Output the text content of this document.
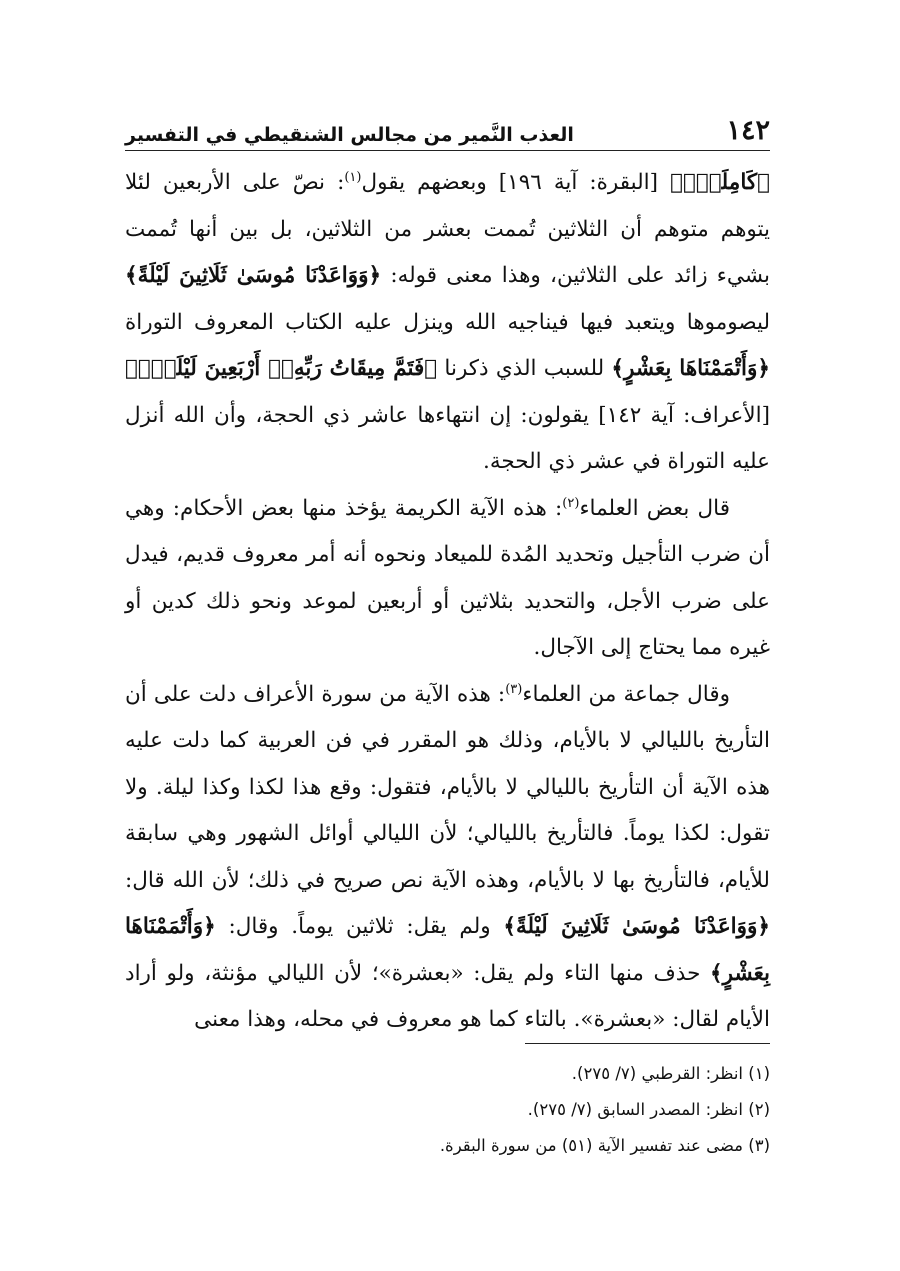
١٤٢
العذب النَّمير من مجالس الشنقيطي في التفسير

﴿كَامِلَةٌۗ﴾ [البقرة: آية ١٩٦] وبعضهم يقول$^{(١)}$: نصّ على الأربعين لئلا يتوهم متوهم أن الثلاثين تُممت بعشر من الثلاثين، بل بين أنها تُممت بشيء زائد على الثلاثين، وهذا معنى قوله: ﴿وَوَاعَدْنَا مُوسَىٰ ثَلَاثِينَ لَيْلَةً﴾ ليصوموها ويتعبد فيها فيناجيه الله وينزل عليه الكتاب المعروف التوراة ﴿وَأَتْمَمْنَاهَا بِعَشْرٍ﴾ للسبب الذي ذكرنا ﴿فَتَمَّ مِيقَاتُ رَبِّهِۦٓ أَرْبَعِينَ لَيْلَةًۚ﴾ [الأعراف: آية ١٤٢] يقولون: إن انتهاءها عاشر ذي الحجة، وأن الله أنزل عليه التوراة في عشر ذي الحجة.

قال بعض العلماء$^{(٢)}$: هذه الآية الكريمة يؤخذ منها بعض الأحكام: وهي أن ضرب التأجيل وتحديد المُدة للميعاد ونحوه أنه أمر معروف قديم، فيدل على ضرب الأجل، والتحديد بثلاثين أو أربعين لموعد ونحو ذلك كدين أو غيره مما يحتاج إلى الآجال.

وقال جماعة من العلماء$^{(٣)}$: هذه الآية من سورة الأعراف دلت على أن التأريخ بالليالي لا بالأيام، وذلك هو المقرر في فن العربية كما دلت عليه هذه الآية أن التأريخ بالليالي لا بالأيام، فتقول: وقع هذا لكذا وكذا ليلة. ولا تقول: لكذا يوماً. فالتأريخ بالليالي؛ لأن الليالي أوائل الشهور وهي سابقة للأيام، فالتأريخ بها لا بالأيام، وهذه الآية نص صريح في ذلك؛ لأن الله قال: ﴿وَوَاعَدْنَا مُوسَىٰ ثَلَاثِينَ لَيْلَةً﴾ ولم يقل: ثلاثين يوماً. وقال: ﴿وَأَتْمَمْنَاهَا بِعَشْرٍ﴾ حذف منها التاء ولم يقل: «بعشرة»؛ لأن الليالي مؤنثة، ولو أراد الأيام لقال: «بعشرة». بالتاء كما هو معروف في محله، وهذا معنى

(١) انظر: القرطبي (٧/ ٢٧٥).

(٢) انظر: المصدر السابق (٧/ ٢٧٥).

(٣) مضى عند تفسير الآية (٥١) من سورة البقرة.
